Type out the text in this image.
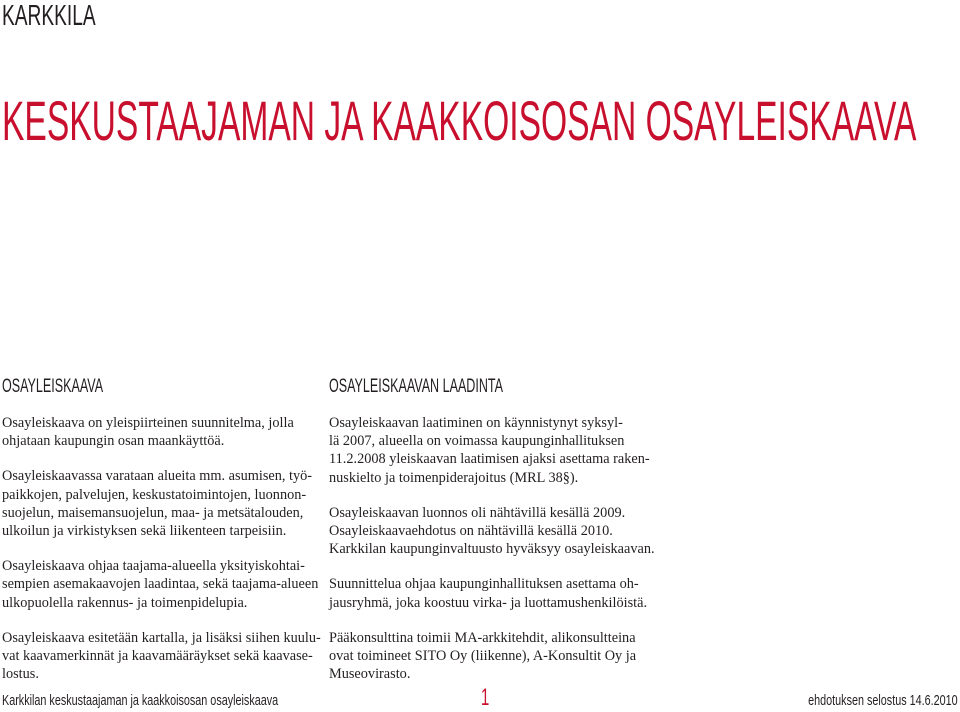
KARKKILA
KESKUSTAAJAMAN JA KAAKKOISOSAN OSAYLEISKAAVA
OSAYLEISKAAVA	OSAYLEISKAAVAN LAADINTA

Osayleiskaava on yleispiirteinen suunnitelma, jolla
ohjataan kaupungin osan maankäyttöä.

Osayleiskaavassa varataan alueita mm. asumisen, työ-
paikkojen, palvelujen, keskustatoimintojen, luonnon-
suojelun, maisemansuojelun, maa- ja metsätalouden,
ulkoilun ja virkistyksen sekä liikenteen tarpeisiin.

Osayleiskaava ohjaa taajama-alueella yksityiskohtai-
sempien asemakaavojen laadintaa, sekä taajama-alueen
ulkopuolella rakennus- ja toimenpidelupia.

Osayleiskaava esitetään kartalla, ja lisäksi siihen kuulu-
vat kaavamerkinnät ja kaavamääräykset sekä kaavase-
lostus.

Osayleiskaavan laatiminen on käynnistynyt syksyl-
lä 2007, alueella on voimassa kaupunginhallituksen
11.2.2008 yleiskaavan laatimisen ajaksi asettama raken-
nuskielto ja toimenpiderajoitus (MRL 38§).

Osayleiskaavan luonnos oli nähtävillä kesällä 2009.
Osayleiskaavaehdotus on nähtävillä kesällä 2010.
Karkkilan kaupunginvaltuusto hyväksyy osayleiskaavan.

Suunnittelua ohjaa kaupunginhallituksen asettama oh-
jausryhmä, joka koostuu virka- ja luottamushenkilöistä.

Pääkonsulttina toimii MA-arkkitehdit, alikonsultteina
ovat toimineet SITO Oy (liikenne), A-Konsultit Oy ja
Museovirasto.

Karkkilan keskustaajaman ja kaakkoisosan osayleiskaava	1	ehdotuksen selostus 14.6.2010
